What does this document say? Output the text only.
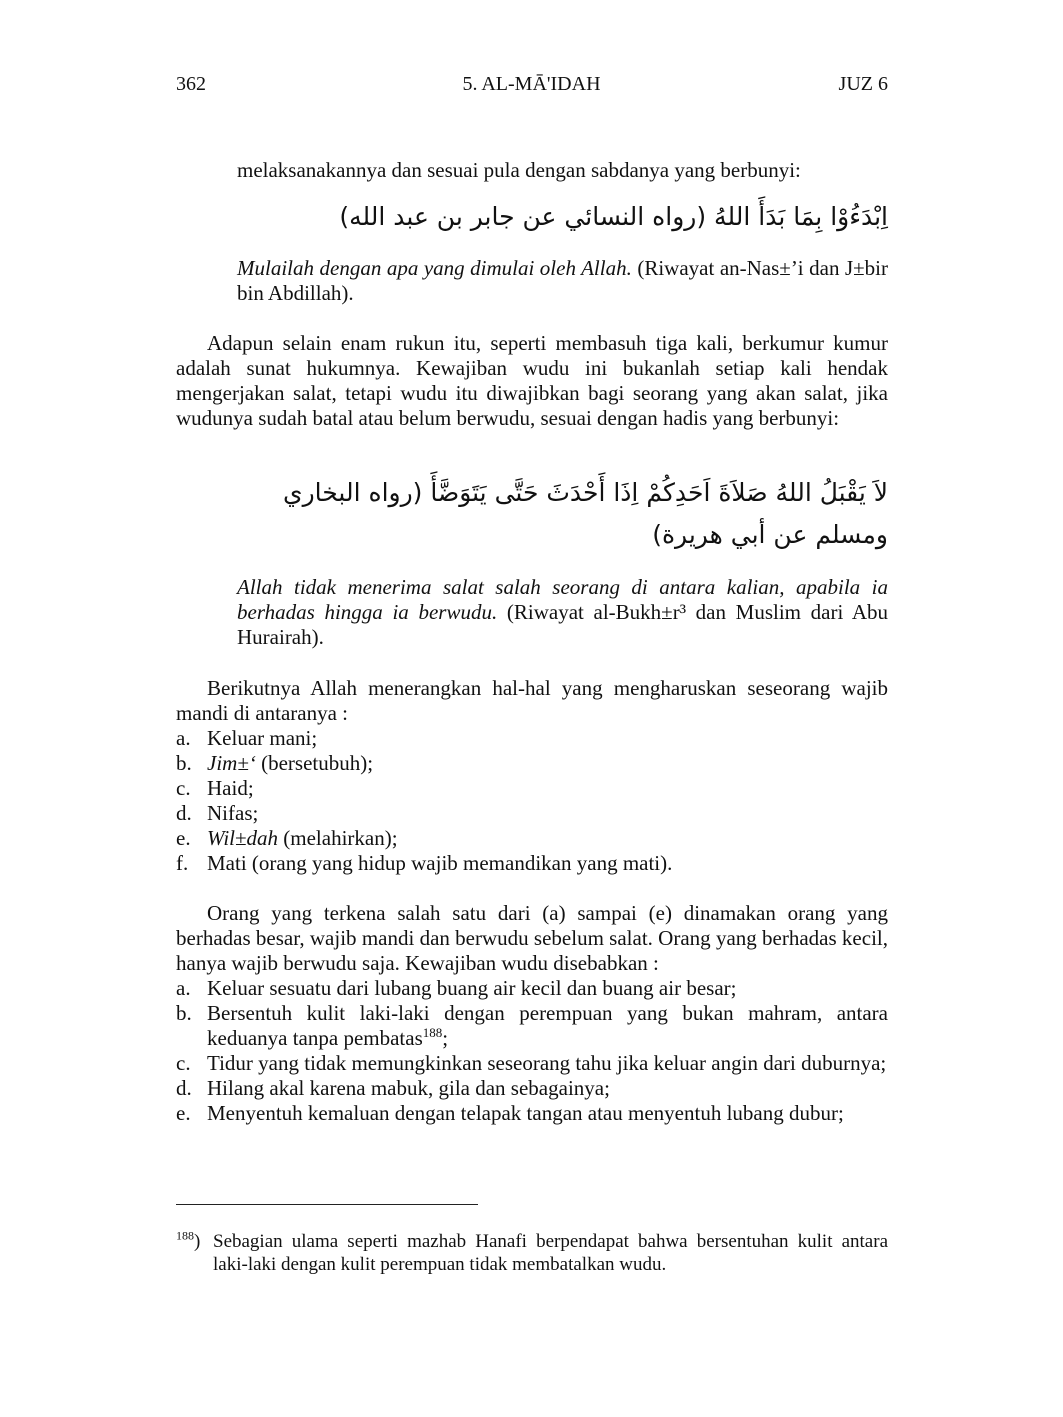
362	5. AL-MĀ'IDAH	JUZ 6
melaksanakannya dan sesuai pula dengan sabdanya yang berbunyi:
اِبْدَءُوْا بِمَا بَدَأَ اللهُ (رواه النسائي عن جابر بن عبد الله)

Mulailah dengan apa yang dimulai oleh Allah. (Riwayat an-Nas±’i dan J±bir bin Abdillah).

Adapun selain enam rukun itu, seperti membasuh tiga kali, berkumur kumur adalah sunat hukumnya. Kewajiban wudu ini bukanlah setiap kali hendak mengerjakan salat, tetapi wudu itu diwajibkan bagi seorang yang akan salat, jika wudunya sudah batal atau belum berwudu, sesuai dengan hadis yang berbunyi:
لاَ يَقْبَلُ اللهُ صَلاَةَ اَحَدِكُمْ اِذَا أَحْدَثَ حَتَّى يَتَوَضَّأَ (رواه البخاري ومسلم عن أبي هريرة)

Allah tidak menerima salat salah seorang di antara kalian, apabila ia berhadas hingga ia berwudu. (Riwayat al-Bukh±r³ dan Muslim dari Abu Hurairah).

Berikutnya Allah menerangkan hal-hal yang mengharuskan seseorang wajib mandi di antaranya :
a. Keluar mani;
b. Jim±‘ (bersetubuh);
c. Haid;
d. Nifas;
e. Wil±dah (melahirkan);
f. Mati (orang yang hidup wajib memandikan yang mati).
Orang yang terkena salah satu dari (a) sampai (e) dinamakan orang yang berhadas besar, wajib mandi dan berwudu sebelum salat. Orang yang berhadas kecil, hanya wajib berwudu saja. Kewajiban wudu disebabkan :
a. Keluar sesuatu dari lubang buang air kecil dan buang air besar;
b. Bersentuh kulit laki-laki dengan perempuan yang bukan mahram, antara keduanya tanpa pembatas$^{188}$;
c. Tidur yang tidak memungkinkan seseorang tahu jika keluar angin dari duburnya;
d. Hilang akal karena mabuk, gila dan sebagainya;
e. Menyentuh kemaluan dengan telapak tangan atau menyentuh lubang dubur;
$^{188}$) Sebagian ulama seperti mazhab Hanafi berpendapat bahwa bersentuhan kulit antara laki-laki dengan kulit perempuan tidak membatalkan wudu.
